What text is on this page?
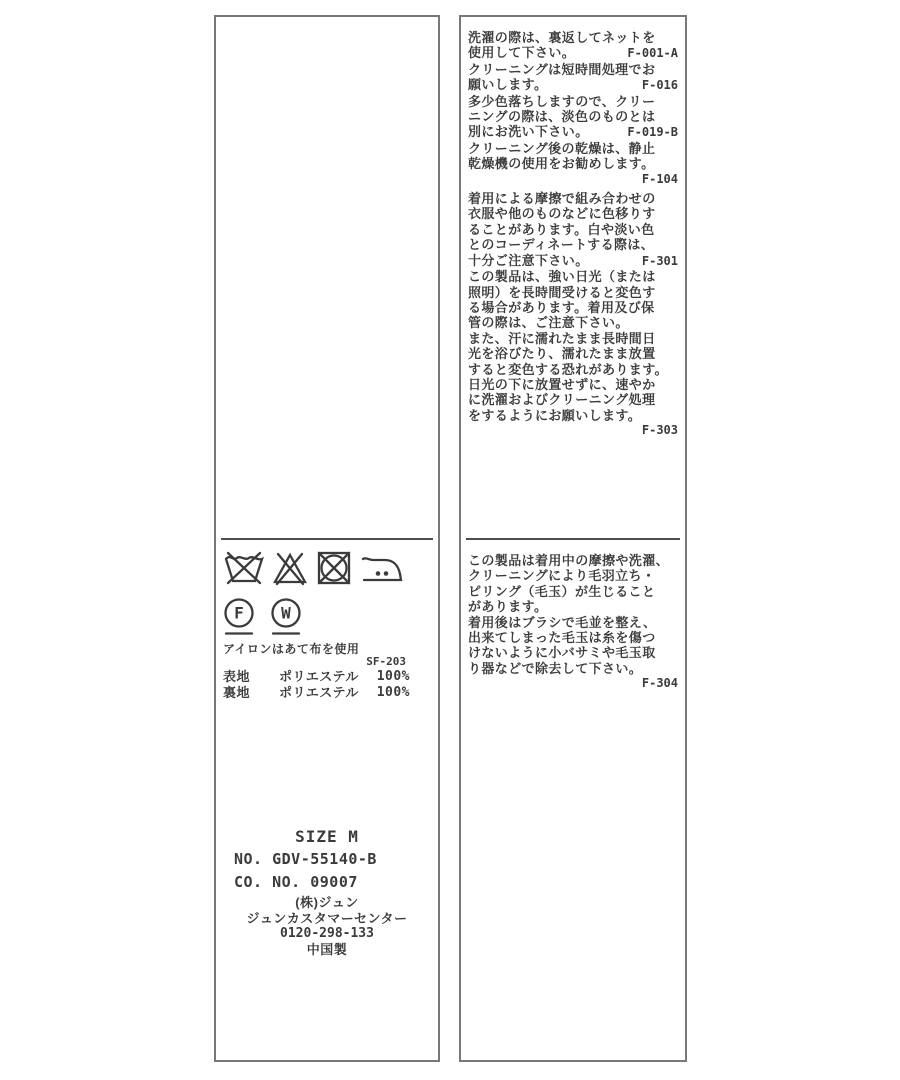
F W
アイロンはあて布を使用
SF-203
表地	ポリエステル	100%
裏地	ポリエステル	100%
SIZE M
NO. GDV-55140-B
CO. NO. 09007
(株)ジュン
ジュンカスタマーセンター
0120-298-133
中国製
洗濯の際は、裏返してネットを
使用して下さい。	F-001-A
クリーニングは短時間処理でお
願いします。	F-016
多少色落ちしますので、クリー
ニングの際は、淡色のものとは
別にお洗い下さい。	F-019-B
クリーニング後の乾燥は、静止
乾燥機の使用をお勧めします。
F-104
着用による摩擦で組み合わせの
衣服や他のものなどに色移りす
ることがあります。白や淡い色
とのコーディネートする際は、
十分ご注意下さい。	F-301
この製品は、強い日光（または
照明）を長時間受けると変色す
る場合があります。着用及び保
管の際は、ご注意下さい。
また、汗に濡れたまま長時間日
光を浴びたり、濡れたまま放置
すると変色する恐れがあります。
日光の下に放置せずに、速やか
に洗濯およびクリーニング処理
をするようにお願いします。
F-303
この製品は着用中の摩擦や洗濯、
クリーニングにより毛羽立ち・
ピリング（毛玉）が生じること
があります。
着用後はブラシで毛並を整え、
出来てしまった毛玉は糸を傷つ
けないように小バサミや毛玉取
り器などで除去して下さい。
F-304
